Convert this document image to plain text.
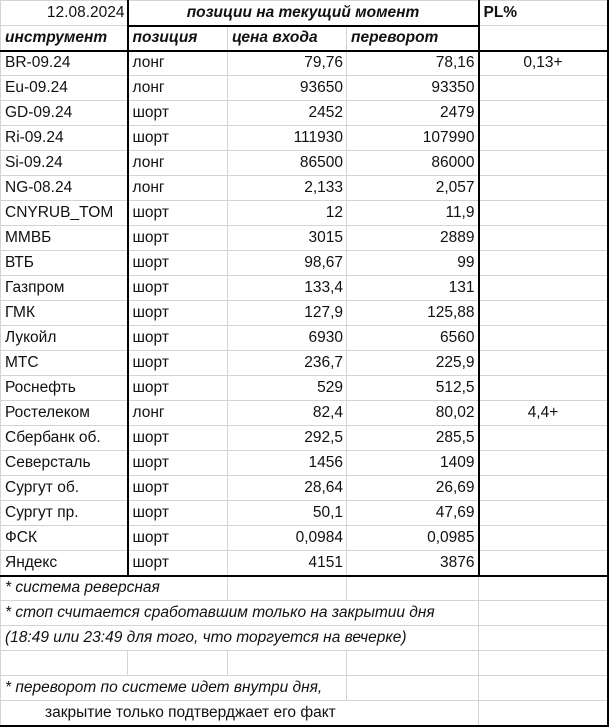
12.08.2024	позиции на текущий момент			PL%
инструмент	позиция	цена входа	переворот	
BR-09.24	лонг	79,76	78,16	0,13+
Eu-09.24	лонг	93650	93350	
GD-09.24	шорт	2452	2479	
Ri-09.24	шорт	111930	107990	
Si-09.24	лонг	86500	86000	
NG-08.24	лонг	2,133	2,057	
CNYRUB_TOM	шорт	12	11,9	
ММВБ	шорт	3015	2889	
ВТБ	шорт	98,67	99	
Газпром	шорт	133,4	131	
ГМК	шорт	127,9	125,88	
Лукойл	шорт	6930	6560	
МТС	шорт	236,7	225,9	
Роснефть	шорт	529	512,5	
Ростелеком	лонг	82,4	80,02	4,4+
Сбербанк об.	шорт	292,5	285,5	
Северсталь	шорт	1456	1409	
Сургут об.	шорт	28,64	26,69	
Сургут пр.	шорт	50,1	47,69	
ФСК	шорт	0,0984	0,0985	
Яндекс	шорт	4151	3876	
* система реверсная				
* стоп считается сработавшим только на закрытии дня				
(18:49 или 23:49 для того, что торгуется на вечерке)				

* переворот по системе идет внутри дня,				
закрытие только подтверджает его факт				
